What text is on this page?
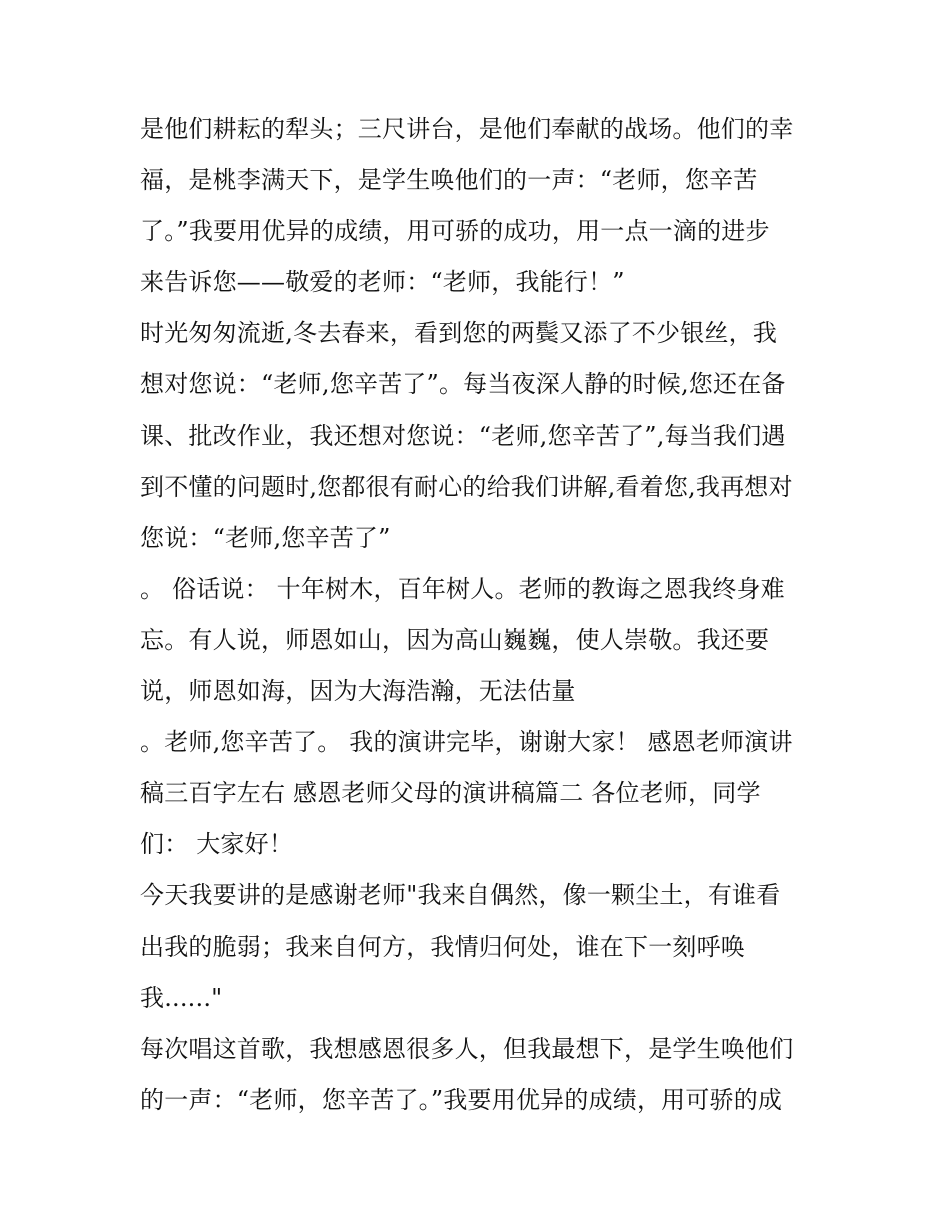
是他们耕耘的犁头；三尺讲台，是他们奉献的战场。他们的幸
福，是桃李满天下，是学生唤他们的一声：“老师，您辛苦
了。”我要用优异的成绩，用可骄的成功，用一点一滴的进步
来告诉您——敬爱的老师：“老师，我能行！”
时光匆匆流逝,冬去春来，看到您的两鬓又添了不少银丝，我
想对您说：“老师,您辛苦了”。每当夜深人静的时候,您还在备
课、批改作业，我还想对您说：“老师,您辛苦了”,每当我们遇
到不懂的问题时,您都很有耐心的给我们讲解,看着您,我再想对
您说：“老师,您辛苦了”
。 俗话说： 十年树木，百年树人。老师的教诲之恩我终身难
忘。有人说，师恩如山，因为高山巍巍，使人崇敬。我还要
说，师恩如海，因为大海浩瀚，无法估量
。老师,您辛苦了。 我的演讲完毕，谢谢大家！ 感恩老师演讲
稿三百字左右 感恩老师父母的演讲稿篇二 各位老师，同学
们： 大家好！
今天我要讲的是感谢老师"我来自偶然，像一颗尘土，有谁看
出我的脆弱；我来自何方，我情归何处，谁在下一刻呼唤
我......"
每次唱这首歌，我想感恩很多人，但我最想下，是学生唤他们
的一声：“老师，您辛苦了。”我要用优异的成绩，用可骄的成
